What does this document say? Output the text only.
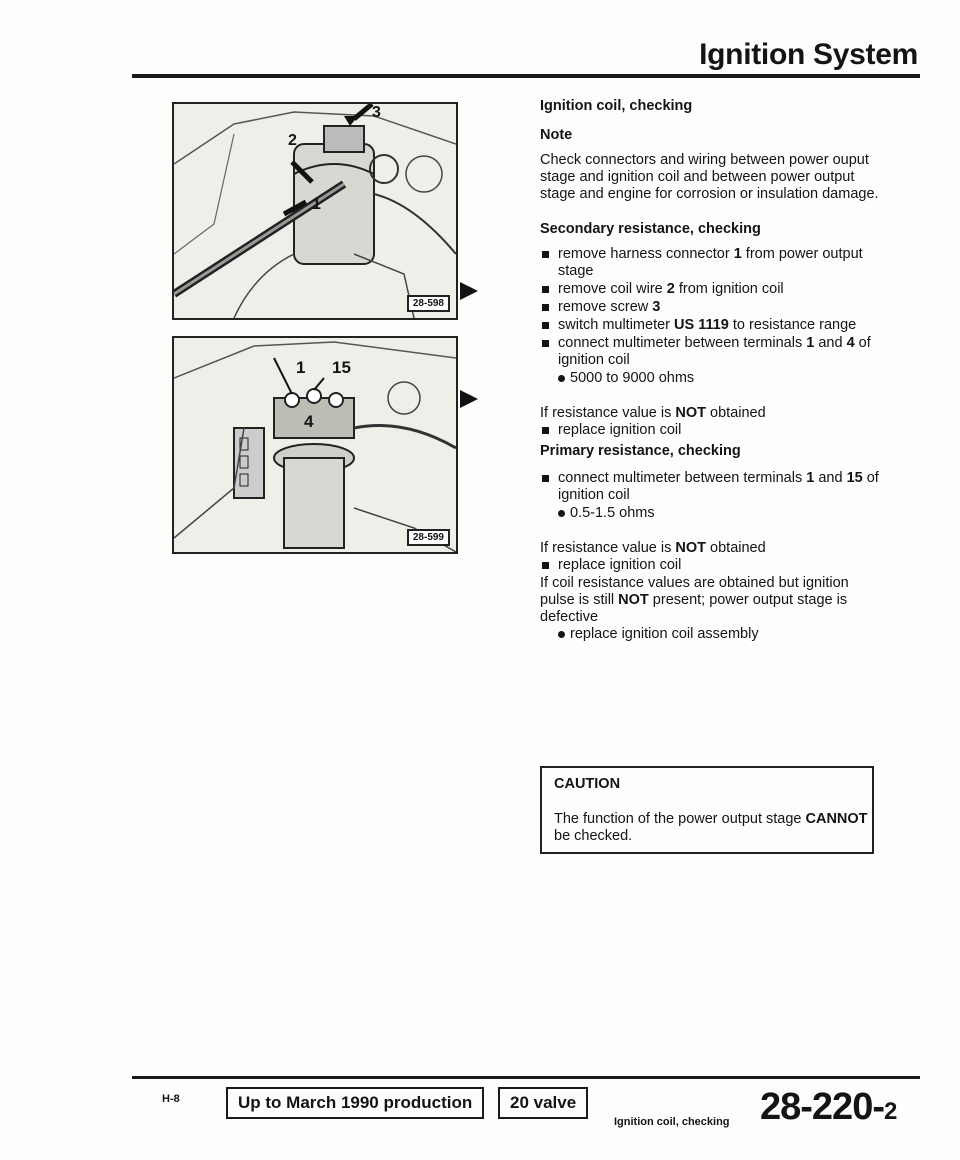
Ignition System
3
2
1
28-598
1 15
4
28-599
Ignition coil, checking
Note
Check connectors and wiring between power ouput stage and ignition coil and between power output stage and engine for corrosion or insulation damage.
Secondary resistance, checking
remove harness connector 1 from power output stage
remove coil wire 2 from ignition coil
remove screw 3
switch multimeter US 1119 to resistance range
connect multimeter between terminals 1 and 4 of ignition coil
5000 to 9000 ohms
If resistance value is NOT obtained
replace ignition coil
Primary resistance, checking
connect multimeter between terminals 1 and 15 of ignition coil
0.5-1.5 ohms
If resistance value is NOT obtained
replace ignition coil
If coil resistance values are obtained but ignition pulse is still NOT present; power output stage is defective
replace ignition coil assembly
CAUTION
The function of the power output stage CANNOT be checked.
H-8	Up to March 1990 production	20 valve
Ignition coil, checking 28-220-2
